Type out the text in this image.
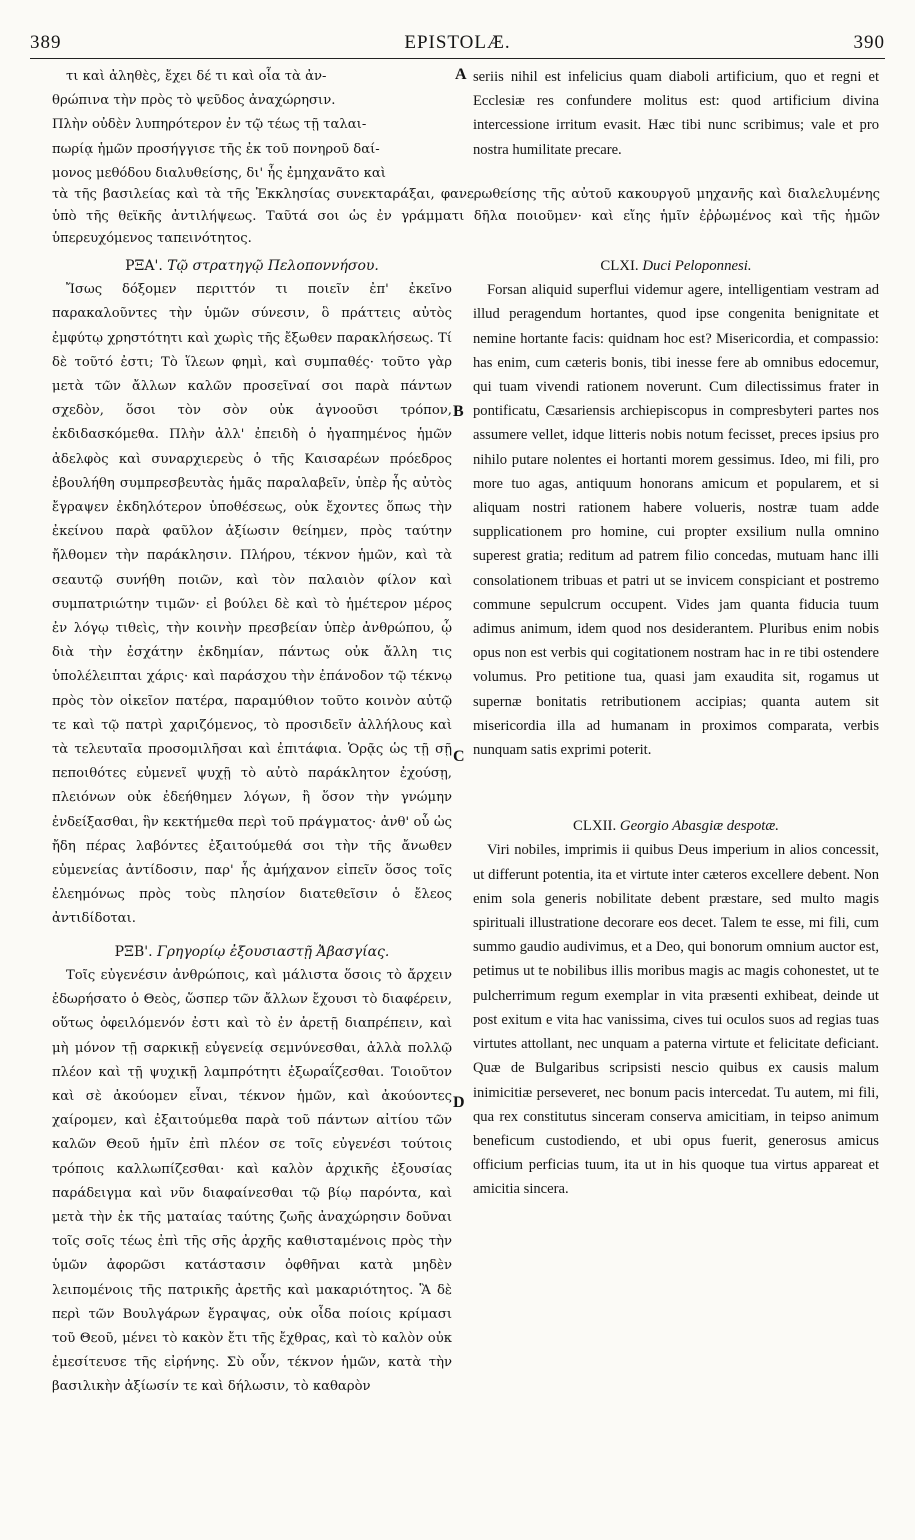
389	EPISTOLÆ.	390

τι καὶ ἀληθὲς, ἔχει δέ τι καὶ οἷα τὰ ἀν-

θρώπινα τὴν πρὸς τὸ ψεῦδος ἀναχώρησιν.

Πλὴν οὐδὲν λυπηρότερον ἐν τῷ τέως τῇ ταλαι-

πωρίᾳ ἡμῶν προσήγγισε τῆς ἐκ τοῦ πονηροῦ δαί-

μονος μεθόδου διαλυθείσης, δι' ἧς ἐμηχανᾶτο καὶ

seriis nihil est infelicius quam diaboli artificium, quo et regni et Ecclesiæ res confundere molitus est: quod artificium divina intercessione irritum evasit. Hæc tibi nunc scribimus; vale et pro nostra humilitate precare.

τὰ τῆς βασιλείας καὶ τὰ τῆς Ἐκκλησίας συνεκταράξαι, φανερωθείσης τῆς αὐτοῦ κακουργοῦ μηχανῆς καὶ διαλελυμένης ὑπὸ τῆς θεϊκῆς ἀντιλήψεως. Ταῦτά σοι ὡς ἐν γράμματι δῆλα ποιοῦμεν· καὶ εἴης ἡμῖν ἐῤῥωμένος καὶ τῆς ἡμῶν ὑπερευχόμενος ταπεινότητος.

ΡΞΑ'. Τῷ στρατηγῷ Πελοποννήσου.

Ἴσως δόξομεν περιττόν τι ποιεῖν ἐπ' ἐκεῖνο παρακαλοῦντες τὴν ὑμῶν σύνεσιν, ὃ πράττεις αὐτὸς ἐμφύτῳ χρηστότητι καὶ χωρὶς τῆς ἔξωθεν παρακλήσεως. Τί δὲ τοῦτό ἐστι; Τὸ ἵλεων φημὶ, καὶ συμπαθές· τοῦτο γὰρ μετὰ τῶν ἄλλων καλῶν προσεῖναί σοι παρὰ πάντων σχεδὸν, ὅσοι τὸν σὸν οὐκ ἀγνοοῦσι τρόπον, ἐκδιδασκόμεθα. Πλὴν ἀλλ' ἐπειδὴ ὁ ἠγαπημένος ἡμῶν ἀδελφὸς καὶ συναρχιερεὺς ὁ τῆς Καισαρέων πρόεδρος ἐβουλήθη συμπρεσβευτὰς ἡμᾶς παραλαβεῖν, ὑπὲρ ἧς αὐτὸς ἔγραψεν ἐκδηλότερον ὑποθέσεως, οὐκ ἔχοντες ὅπως τὴν ἐκείνου παρὰ φαῦλον ἀξίωσιν θείημεν, πρὸς ταύτην ἤλθομεν τὴν παράκλησιν. Πλήρου, τέκνον ἡμῶν, καὶ τὰ σεαυτῷ συνήθη ποιῶν, καὶ τὸν παλαιὸν φίλον καὶ συμπατριώτην τιμῶν· εἰ βούλει δὲ καὶ τὸ ἡμέτερον μέρος ἐν λόγῳ τιθεὶς, τὴν κοινὴν πρεσβείαν ὑπὲρ ἀνθρώπου, ᾧ διὰ τὴν ἐσχάτην ἐκδημίαν, πάντως οὐκ ἄλλη τις ὑπολέλειπται χάρις· καὶ παράσχου τὴν ἐπάνοδον τῷ τέκνῳ πρὸς τὸν οἰκεῖον πατέρα, παραμύθιον τοῦτο κοινὸν αὐτῷ τε καὶ τῷ πατρὶ χαριζόμενος, τὸ προσιδεῖν ἀλλήλους καὶ τὰ τελευταῖα προσομιλῆσαι καὶ ἐπιτάφια. Ὁρᾷς ὡς τῇ σῇ πεποιθότες εὐμενεῖ ψυχῇ τὸ αὐτὸ παράκλητον ἐχούσῃ, πλειόνων οὐκ ἐδεήθημεν λόγων, ἢ ὅσον τὴν γνώμην ἐνδείξασθαι, ἣν κεκτήμεθα περὶ τοῦ πράγματος· ἀνθ' οὗ ὡς ἤδη πέρας λαβόντες ἐξαιτούμεθά σοι τὴν τῆς ἄνωθεν εὐμενείας ἀντίδοσιν, παρ' ἧς ἀμήχανον εἰπεῖν ὅσος τοῖς ἐλεημόνως πρὸς τοὺς πλησίον διατεθεῖσιν ὁ ἔλεος ἀντιδίδοται.

ΡΞΒ'. Γρηγορίῳ ἐξουσιαστῇ Ἀβασγίας.

Τοῖς εὐγενέσιν ἀνθρώποις, καὶ μάλιστα ὅσοις τὸ ἄρχειν ἐδωρήσατο ὁ Θεὸς, ὥσπερ τῶν ἄλλων ἔχουσι τὸ διαφέρειν, οὕτως ὀφειλόμενόν ἐστι καὶ τὸ ἐν ἀρετῇ διαπρέπειν, καὶ μὴ μόνον τῇ σαρκικῇ εὐγενείᾳ σεμνύνεσθαι, ἀλλὰ πολλῷ πλέον καὶ τῇ ψυχικῇ λαμπρότητι ἐξωραΐζεσθαι. Τοιοῦτον καὶ σὲ ἀκούομεν εἶναι, τέκνον ἡμῶν, καὶ ἀκούοντες χαίρομεν, καὶ ἐξαιτούμεθα παρὰ τοῦ πάντων αἰτίου τῶν καλῶν Θεοῦ ἡμῖν ἐπὶ πλέον σε τοῖς εὐγενέσι τούτοις τρόποις καλλωπίζεσθαι· καὶ καλὸν ἀρχικῆς ἐξουσίας παράδειγμα καὶ νῦν διαφαίνεσθαι τῷ βίῳ παρόντα, καὶ μετὰ τὴν ἐκ τῆς ματαίας ταύτης ζωῆς ἀναχώρησιν δοῦναι τοῖς σοῖς τέως ἐπὶ τῆς σῆς ἀρχῆς καθισταμένοις πρὸς τὴν ὑμῶν ἀφορῶσι κατάστασιν ὀφθῆναι κατὰ μηδὲν λειπομένοις τῆς πατρικῆς ἀρετῆς καὶ μακαριότητος. Ἃ δὲ περὶ τῶν Βουλγάρων ἔγραψας, οὐκ οἶδα ποίοις κρίμασι τοῦ Θεοῦ, μένει τὸ κακὸν ἔτι τῆς ἔχθρας, καὶ τὸ καλὸν οὐκ ἐμεσίτευσε τῆς εἰρήνης. Σὺ οὖν, τέκνον ἡμῶν, κατὰ τὴν βασιλικὴν ἀξίωσίν τε καὶ δήλωσιν, τὸ καθαρὸν

CLXI. Duci Peloponnesi.

Forsan aliquid superflui videmur agere, intelligentiam vestram ad illud peragendum hortantes, quod ipse congenita benignitate et nemine hortante facis: quidnam hoc est? Misericordia, et compassio: has enim, cum cæteris bonis, tibi inesse fere ab omnibus edocemur, qui tuam vivendi rationem noverunt. Cum dilectissimus frater in pontificatu, Cæsariensis archiepiscopus in compresbyteri partes nos assumere vellet, idque litteris nobis notum fecisset, preces ipsius pro nihilo putare nolentes ei hortanti morem gessimus. Ideo, mi fili, pro more tuo agas, antiquum honorans amicum et popularem, et si aliquam nostri rationem habere volueris, nostræ tuam adde supplicationem pro homine, cui propter exsilium nulla omnino superest gratia; reditum ad patrem filio concedas, mutuam hanc illi consolationem tribuas et patri ut se invicem conspiciant et postremo commune sepulcrum occupent. Vides jam quanta fiducia tuum adimus animum, idem quod nos desiderantem. Pluribus enim nobis opus non est verbis qui cogitationem nostram hac in re tibi ostendere volumus. Pro petitione tua, quasi jam exaudita sit, rogamus ut supernæ bonitatis retributionem accipias; quanta autem sit misericordia illa ad humanam in proximos comparata, verbis nunquam satis exprimi poterit.

CLXII. Georgio Abasgiæ despotæ.

Viri nobiles, imprimis ii quibus Deus imperium in alios concessit, ut differunt potentia, ita et virtute inter cæteros excellere debent. Non enim sola generis nobilitate debent præstare, sed multo magis spirituali illustratione decorare eos decet. Talem te esse, mi fili, cum summo gaudio audivimus, et a Deo, qui bonorum omnium auctor est, petimus ut te nobilibus illis moribus magis ac magis cohonestet, ut te pulcherrimum regum exemplar in vita præsenti exhibeat, deinde ut post exitum e vita hac vanissima, cives tui oculos suos ad regias tuas virtutes attollant, nec unquam a paterna virtute et felicitate deficiant. Quæ de Bulgaribus scripsisti nescio quibus ex causis malum inimicitiæ perseveret, nec bonum pacis intercedat. Tu autem, mi fili, qua rex constitutus sinceram conserva amicitiam, in teipso animum beneficum custodiendo, et ubi opus fuerit, generosus amicus officium perficias tuum, ita ut in his quoque tua virtus appareat et amicitia sincera.

A
B
C
D
